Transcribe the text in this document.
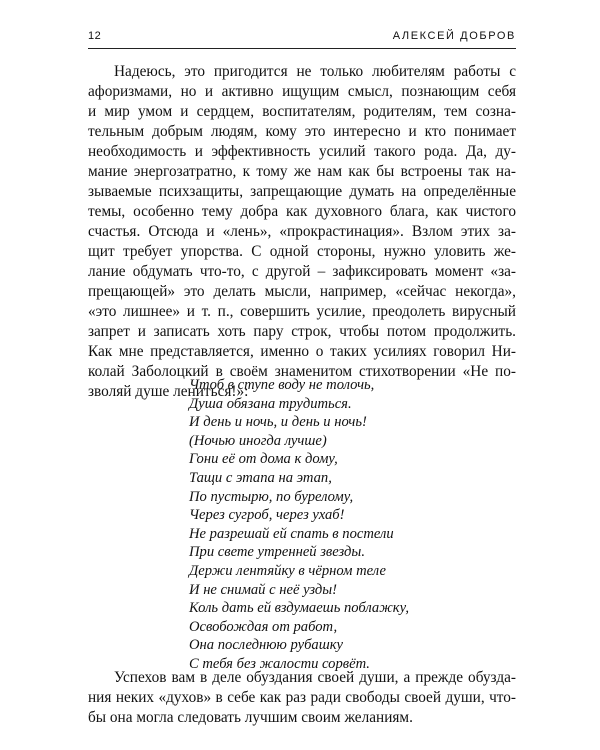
12	АЛЕКСЕЙ ДОБРОВ
Надеюсь, это пригодится не только любителям работы с
афоризмами, но и активно ищущим смысл, познающим себя
и мир умом и сердцем, воспитателям, родителям, тем сознa-
тельным добрым людям, кому это интересно и кто понимает
необходимость и эффективность усилий такого рода. Да, ду-
мание энергозатратно, к тому же нам как бы встроены так на-
зываемые психзащиты, запрещающие думать на определённые
темы, особенно тему добра как духовного блага, как чистого
счастья. Отсюда и «лень», «прокрастинация». Взлом этих за-
щит требует упорства. С одной стороны, нужно уловить же-
лание обдумать что-то, с другой – зафиксировать момент «за-
прещающей» это делать мысли, например, «сейчас некогда»,
«это лишнее» и т. п., совершить усилие, преодолеть вирусный
запрет и записать хоть пару строк, чтобы потом продолжить.
Как мне представляется, именно о таких усилиях говорил Ни-
колай Заболоцкий в своём знаменитом стихотворении «Не по-
зволяй душе лениться!»:
Чтоб в ступе воду не толочь,
Душа обязана трудиться.
И день и ночь, и день и ночь!
(Ночью иногда лучше)
Гони её от дома к дому,
Тащи с этапа на этап,
По пустырю, по бурелому,
Через сугроб, через ухаб!
Не разрешай ей спать в постели
При свете утренней звезды.
Держи лентяйку в чёрном теле
И не снимай с неё узды!
Коль дать ей вздумаешь поблажку,
Освобождая от работ,
Она последнюю рубашку
С тебя без жалости сорвёт.
Успехов вам в деле обуздания своей души, а прежде обузда-
ния неких «духов» в себе как раз ради свободы своей души, что-
бы она могла следовать лучшим своим желаниям.
